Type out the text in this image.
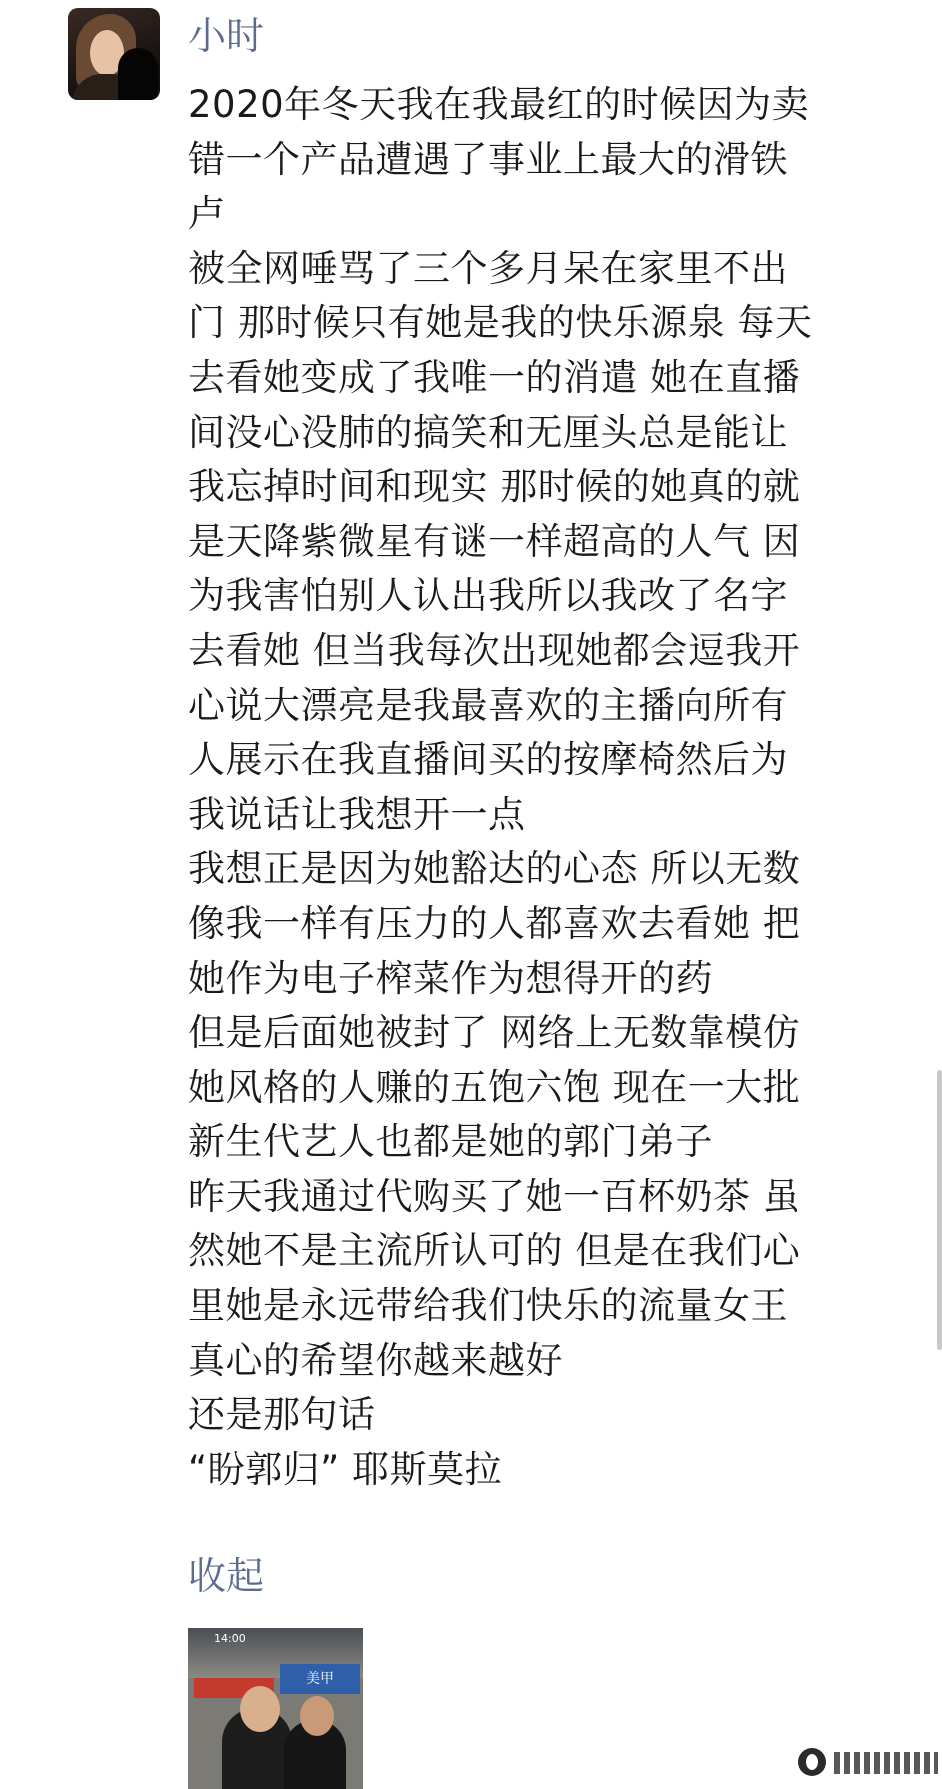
小时
2020年冬天我在我最红的时候因为卖
错一个产品遭遇了事业上最大的滑铁
卢
被全网唾骂了三个多月呆在家里不出
门 那时候只有她是我的快乐源泉 每天
去看她变成了我唯一的消遣 她在直播
间没心没肺的搞笑和无厘头总是能让
我忘掉时间和现实 那时候的她真的就
是天降紫微星有谜一样超高的人气 因
为我害怕别人认出我所以我改了名字
去看她 但当我每次出现她都会逗我开
心说大漂亮是我最喜欢的主播向所有
人展示在我直播间买的按摩椅然后为
我说话让我想开一点
我想正是因为她豁达的心态 所以无数
像我一样有压力的人都喜欢去看她 把
她作为电子榨菜作为想得开的药
但是后面她被封了 网络上无数靠模仿
她风格的人赚的五饱六饱 现在一大批
新生代艺人也都是她的郭门弟子
昨天我通过代购买了她一百杯奶茶 虽
然她不是主流所认可的 但是在我们心
里她是永远带给我们快乐的流量女王
真心的希望你越来越好
还是那句话
“盼郭归” 耶斯莫拉
收起
14:00
美甲
